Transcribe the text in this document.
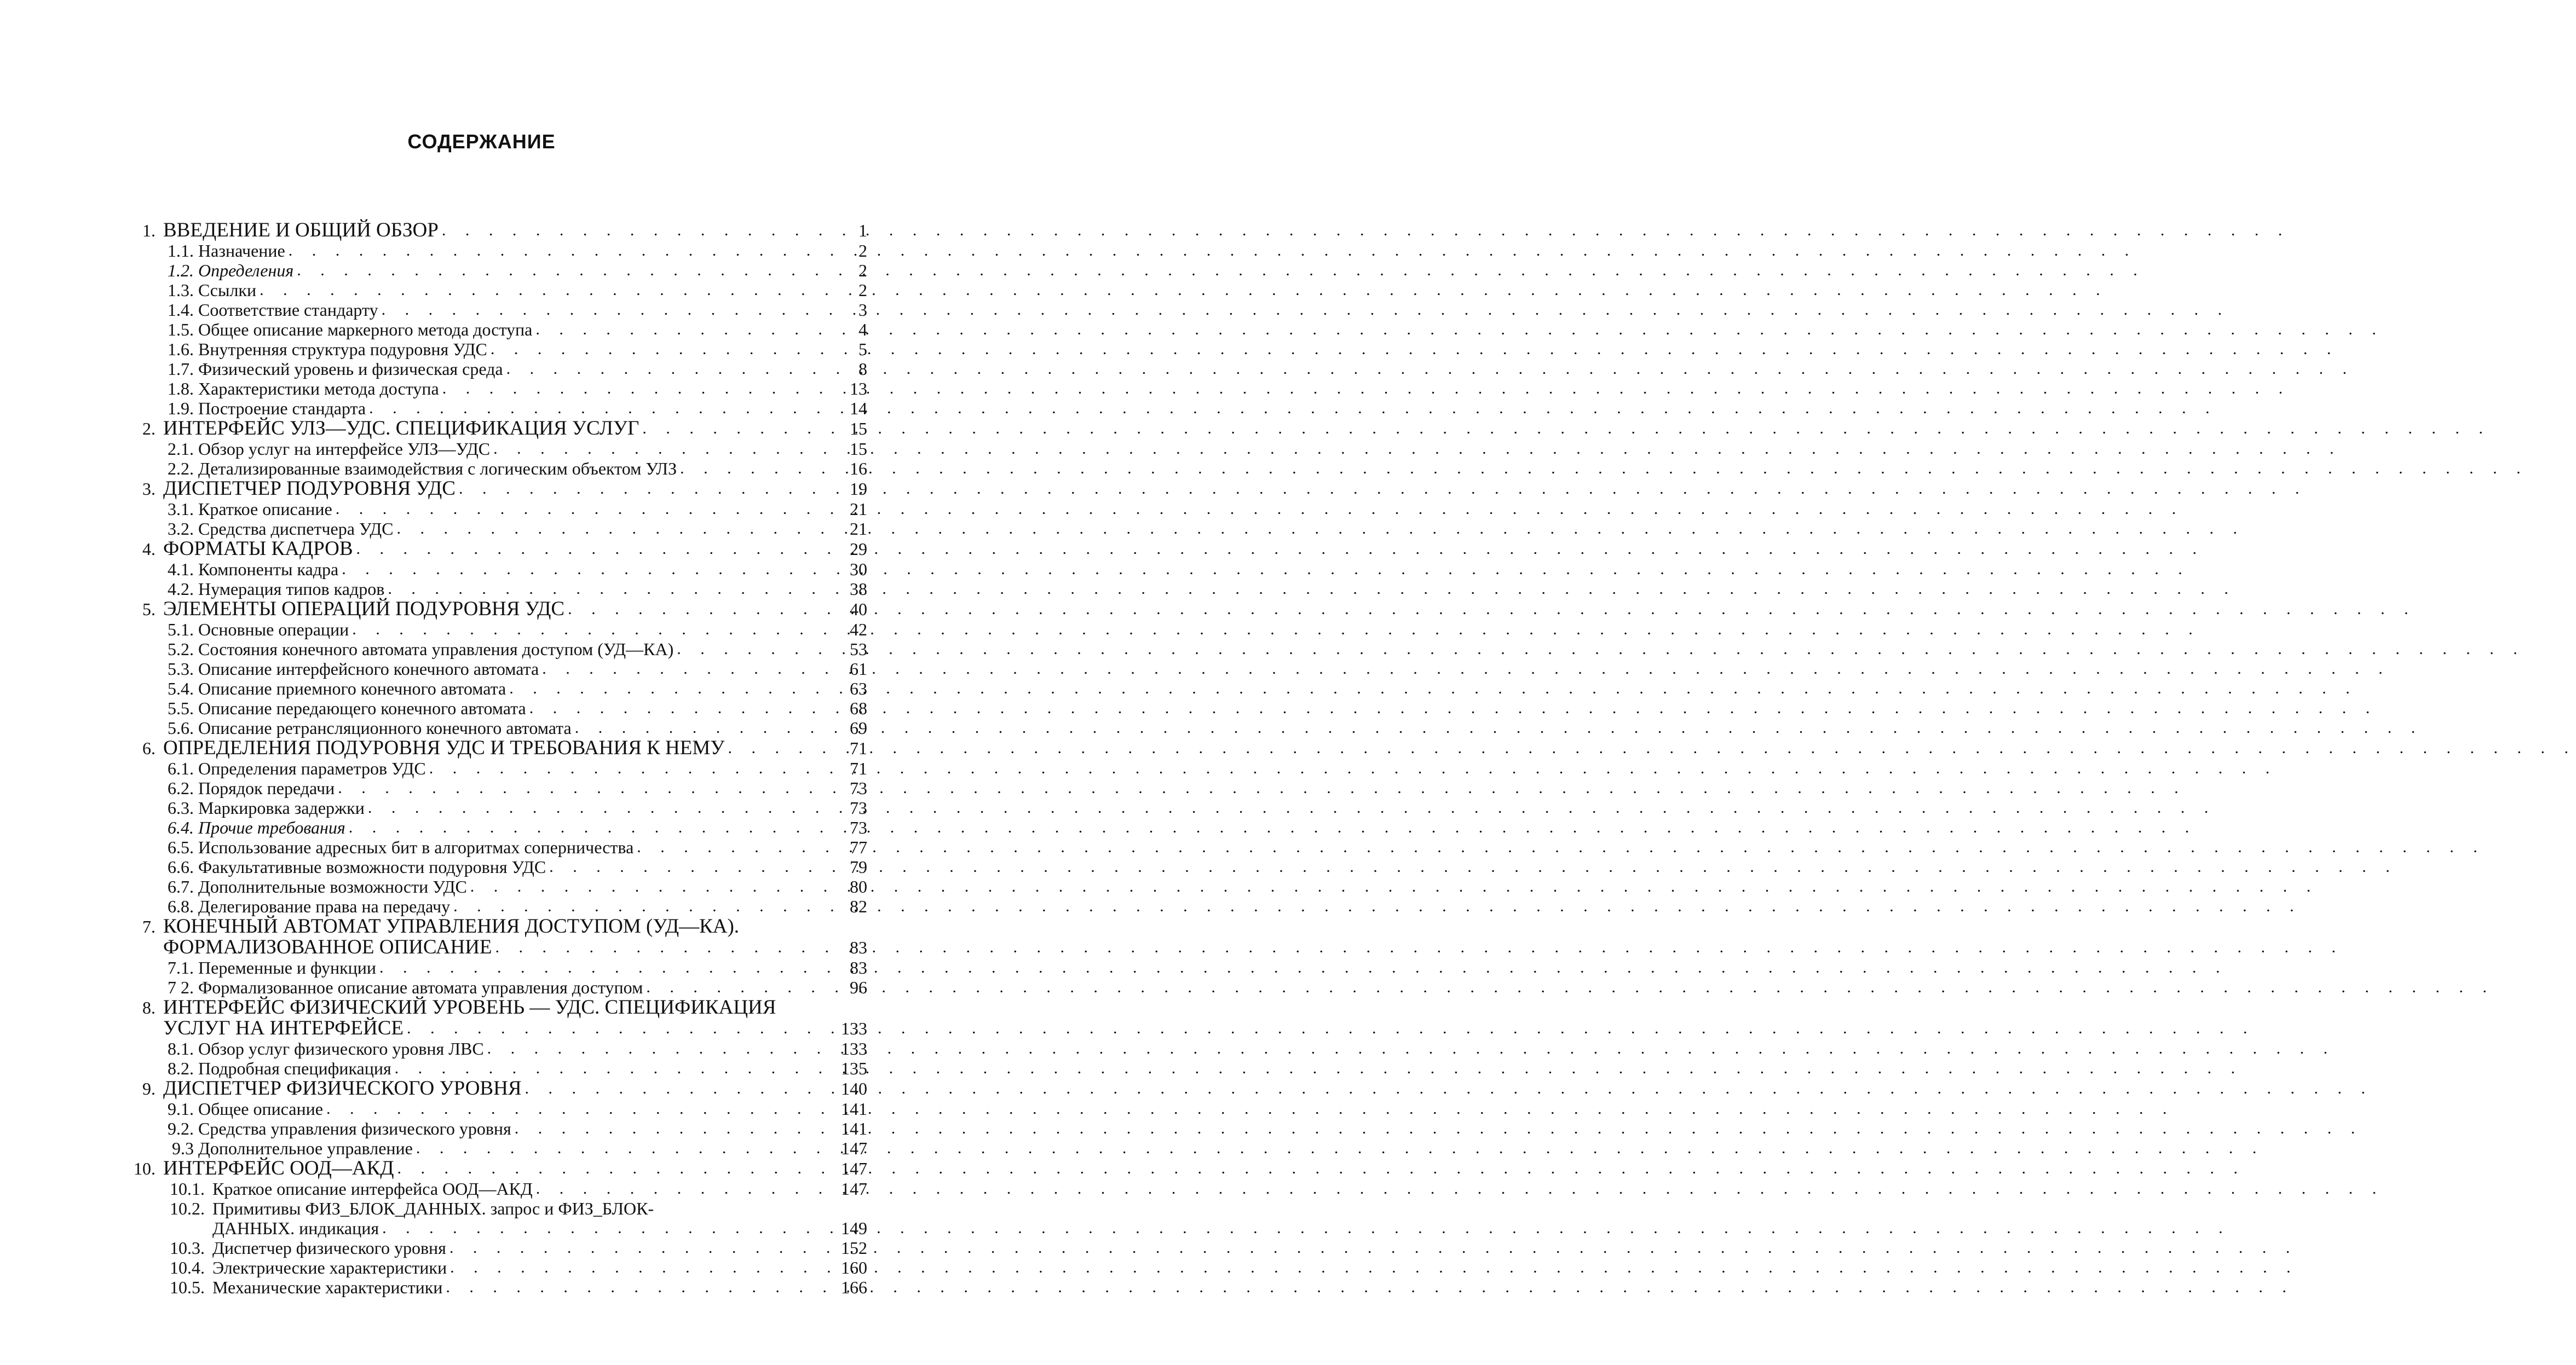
СОДЕРЖАНИЕ
1. ВВЕДЕНИЕ И ОБЩИЙ ОБЗОР . . .	1
1.1. Назначение . . .	2
1.2. Определения . . .	2
1.3. Ссылки . . .	2
1.4. Соответствие стандарту . . .	3
1.5. Общее описание маркерного метода доступа . . .	4
1.6. Внутренняя структура подуровня УДС . . .	5
1.7. Физический уровень и физическая среда . . .	8
1.8. Характеристики метода доступа . . .	13
1.9. Построение стандарта . . .	14
2. ИНТЕРФЕЙС УЛЗ—УДС. СПЕЦИФИКАЦИЯ УСЛУГ . . .	15
2.1. Обзор услуг на интерфейсе УЛЗ—УДС . . .	15
2.2. Детализированные взаимодействия с логическим объектом УЛЗ . . .	16
3. ДИСПЕТЧЕР ПОДУРОВНЯ УДС . . .	19
3.1. Краткое описание . . .	21
3.2. Средства диспетчера УДС . . .	21
4. ФОРМАТЫ КАДРОВ . . .	29
4.1. Компоненты кадра . . .	30
4.2. Нумерация типов кадров . . .	38
5. ЭЛЕМЕНТЫ ОПЕРАЦИЙ ПОДУРОВНЯ УДС . . .	40
5.1. Основные операции . . .	42
5.2. Состояния конечного автомата управления доступом (УД—КА) . . .	53
5.3. Описание интерфейсного конечного автомата . . .	61
5.4. Описание приемного конечного автомата . . .	63
5.5. Описание передающего конечного автомата . . .	68
5.6. Описание ретрансляционного конечного автомата . . .	69
6. ОПРЕДЕЛЕНИЯ ПОДУРОВНЯ УДС И ТРЕБОВАНИЯ К НЕМУ . . .	71
6.1. Определения параметров УДС . . .	71
6.2. Порядок передачи . . .	73
6.3. Маркировка задержки . . .	73
6.4. Прочие требования . . .	73
6.5. Использование адресных бит в алгоритмах соперничества . . .	77
6.6. Факультативные возможности подуровня УДС . . .	79
6.7. Дополнительные возможности УДС . . .	80
6.8. Делегирование права на передачу . . .	82
7. КОНЕЧНЫЙ АВТОМАТ УПРАВЛЕНИЯ ДОСТУПОМ (УД—КА).
ФОРМАЛИЗОВАННОЕ ОПИСАНИЕ . . .	83
7.1. Переменные и функции . . .	83
7 2. Формализованное описание автомата управления доступом . . .	96
8. ИНТЕРФЕЙС ФИЗИЧЕСКИЙ УРОВЕНЬ — УДС. СПЕЦИФИКАЦИЯ
УСЛУГ НА ИНТЕРФЕЙСЕ . . .	133
8.1. Обзор услуг физического уровня ЛВС . . .	133
8.2. Подробная спецификация . . .	135
9. ДИСПЕТЧЕР ФИЗИЧЕСКОГО УРОВНЯ . . .	140
9.1. Общее описание . . .	141
9.2. Средства управления физического уровня . . .	141
9.3 Дополнительное управление . . .	147
10. ИНТЕРФЕЙС ООД—АКД . . .	147
10.1. Краткое описание интерфейса ООД—АКД . . .	147
10.2. Примитивы ФИЗ_БЛОК_ДАННЫХ. запрос и ФИЗ_БЛОК-
ДАННЫХ. индикация . . .	149
10.3. Диспетчер физического уровня . . .	152
10.4. Электрические характеристики . . .	160
10.5. Механические характеристики . . .	166
